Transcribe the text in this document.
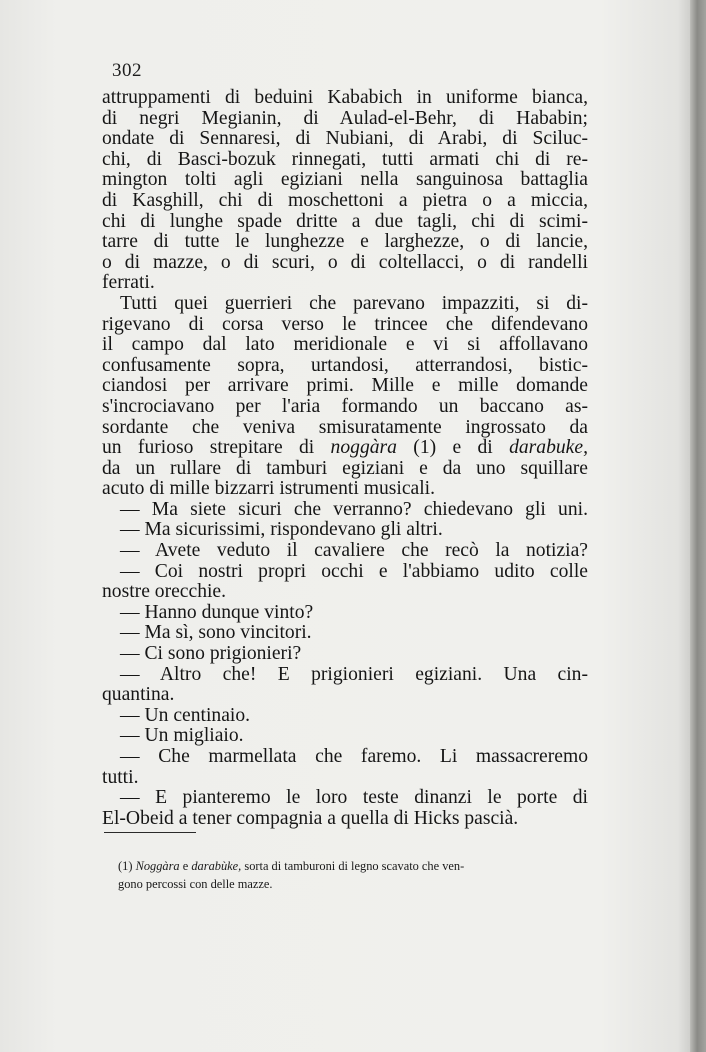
302
attruppamenti di beduini Kababich in uniforme bianca,
di negri Megianin, di Aulad-el-Behr, di Hababin;
ondate di Sennaresi, di Nubiani, di Arabi, di Sciluc-
chi, di Basci-bozuk rinnegati, tutti armati chi di re-
mington tolti agli egiziani nella sanguinosa battaglia
di Kasghill, chi di moschettoni a pietra o a miccia,
chi di lunghe spade dritte a due tagli, chi di scimi-
tarre di tutte le lunghezze e larghezze, o di lancie,
o di mazze, o di scuri, o di coltellacci, o di randelli
ferrati.
Tutti quei guerrieri che parevano impazziti, si di-
rigevano di corsa verso le trincee che difendevano
il campo dal lato meridionale e vi si affollavano
confusamente sopra, urtandosi, atterrandosi, bistic-
ciandosi per arrivare primi. Mille e mille domande
s'incrociavano per l'aria formando un baccano as-
sordante che veniva smisuratamente ingrossato da
un furioso strepitare di noggàra (1) e di darabuke,
da un rullare di tamburi egiziani e da uno squillare
acuto di mille bizzarri istrumenti musicali.
— Ma siete sicuri che verranno? chiedevano gli uni.
— Ma sicurissimi, rispondevano gli altri.
— Avete veduto il cavaliere che recò la notizia?
— Coi nostri propri occhi e l'abbiamo udito colle
nostre orecchie.
— Hanno dunque vinto?
— Ma sì, sono vincitori.
— Ci sono prigionieri?
— Altro che! E prigionieri egiziani. Una cin-
quantina.
— Un centinaio.
— Un migliaio.
— Che marmellata che faremo. Li massacreremo
tutti.
— E pianteremo le loro teste dinanzi le porte di
El-Obeid a tener compagnia a quella di Hicks pascià.
(1) Noggàra e darabùke, sorta di tamburoni di legno scavato che ven-
gono percossi con delle mazze.
